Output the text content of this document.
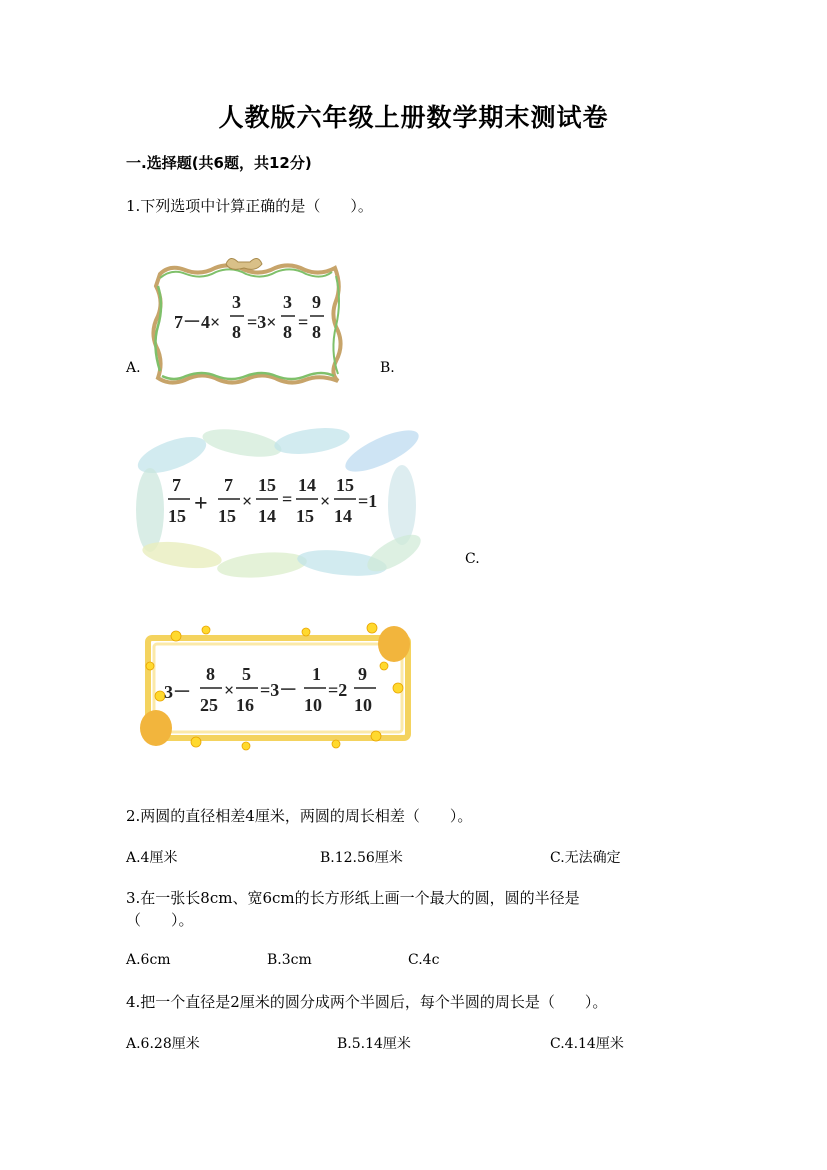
人教版六年级上册数学期末测试卷
一.选择题(共6题，共12分)
1.下列选项中计算正确的是（　　）。
7－4×
3
8 =3×
3
8 =
9
8
A.	B.
7
15 +
7
15
×
15
14
=
14
15
×
15
14
=1
C.
3－
8
25
×
5
16
=3－
1
10
=2
9
10
2.两圆的直径相差4厘米，两圆的周长相差（　　）。
A.4厘米	B.12.56厘米	C.无法确定
3.在一张长8cm、宽6cm的长方形纸上画一个最大的圆，圆的半径是
（　　）。
A.6cm	B.3cm	C.4c
4.把一个直径是2厘米的圆分成两个半圆后，每个半圆的周长是（　　）。
A.6.28厘米	B.5.14厘米	C.4.14厘米
